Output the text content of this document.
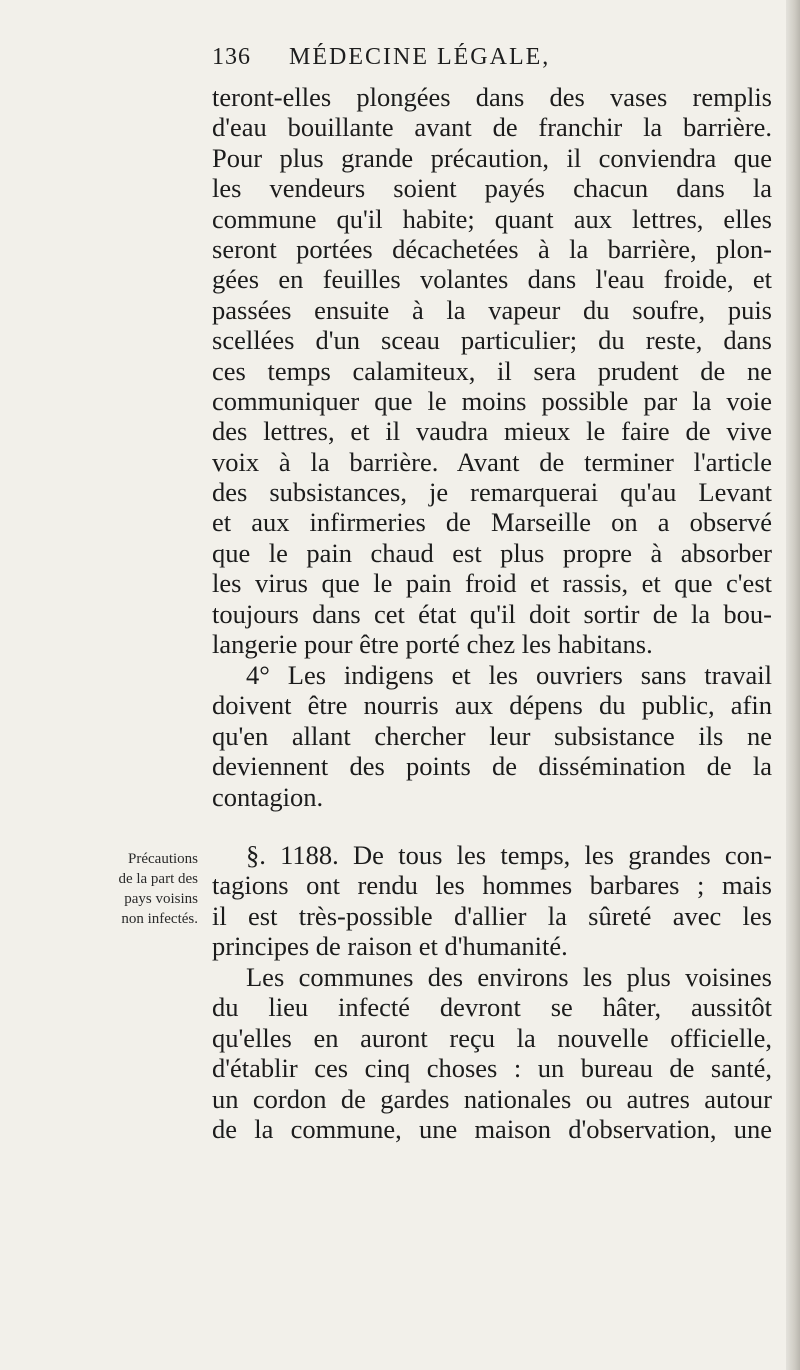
136 MÉDECINE LÉGALE,
teront-elles plongées dans des vases remplis
d'eau bouillante avant de franchir la barrière.
Pour plus grande précaution, il conviendra que
les vendeurs soient payés chacun dans la
commune qu'il habite; quant aux lettres, elles
seront portées décachetées à la barrière, plon-
gées en feuilles volantes dans l'eau froide, et
passées ensuite à la vapeur du soufre, puis
scellées d'un sceau particulier; du reste, dans
ces temps calamiteux, il sera prudent de ne
communiquer que le moins possible par la voie
des lettres, et il vaudra mieux le faire de vive
voix à la barrière. Avant de terminer l'article
des subsistances, je remarquerai qu'au Levant
et aux infirmeries de Marseille on a observé
que le pain chaud est plus propre à absorber
les virus que le pain froid et rassis, et que c'est
toujours dans cet état qu'il doit sortir de la bou-
langerie pour être porté chez les habitans.
4° Les indigens et les ouvriers sans travail
doivent être nourris aux dépens du public, afin
qu'en allant chercher leur subsistance ils ne
deviennent des points de dissémination de la
contagion.
Précautions
de la part des
pays voisins
non infectés.
§. 1188. De tous les temps, les grandes con-
tagions ont rendu les hommes barbares ; mais
il est très-possible d'allier la sûreté avec les
principes de raison et d'humanité.
Les communes des environs les plus voisines
du lieu infecté devront se hâter, aussitôt
qu'elles en auront reçu la nouvelle officielle,
d'établir ces cinq choses : un bureau de santé,
un cordon de gardes nationales ou autres autour
de la commune, une maison d'observation, une
